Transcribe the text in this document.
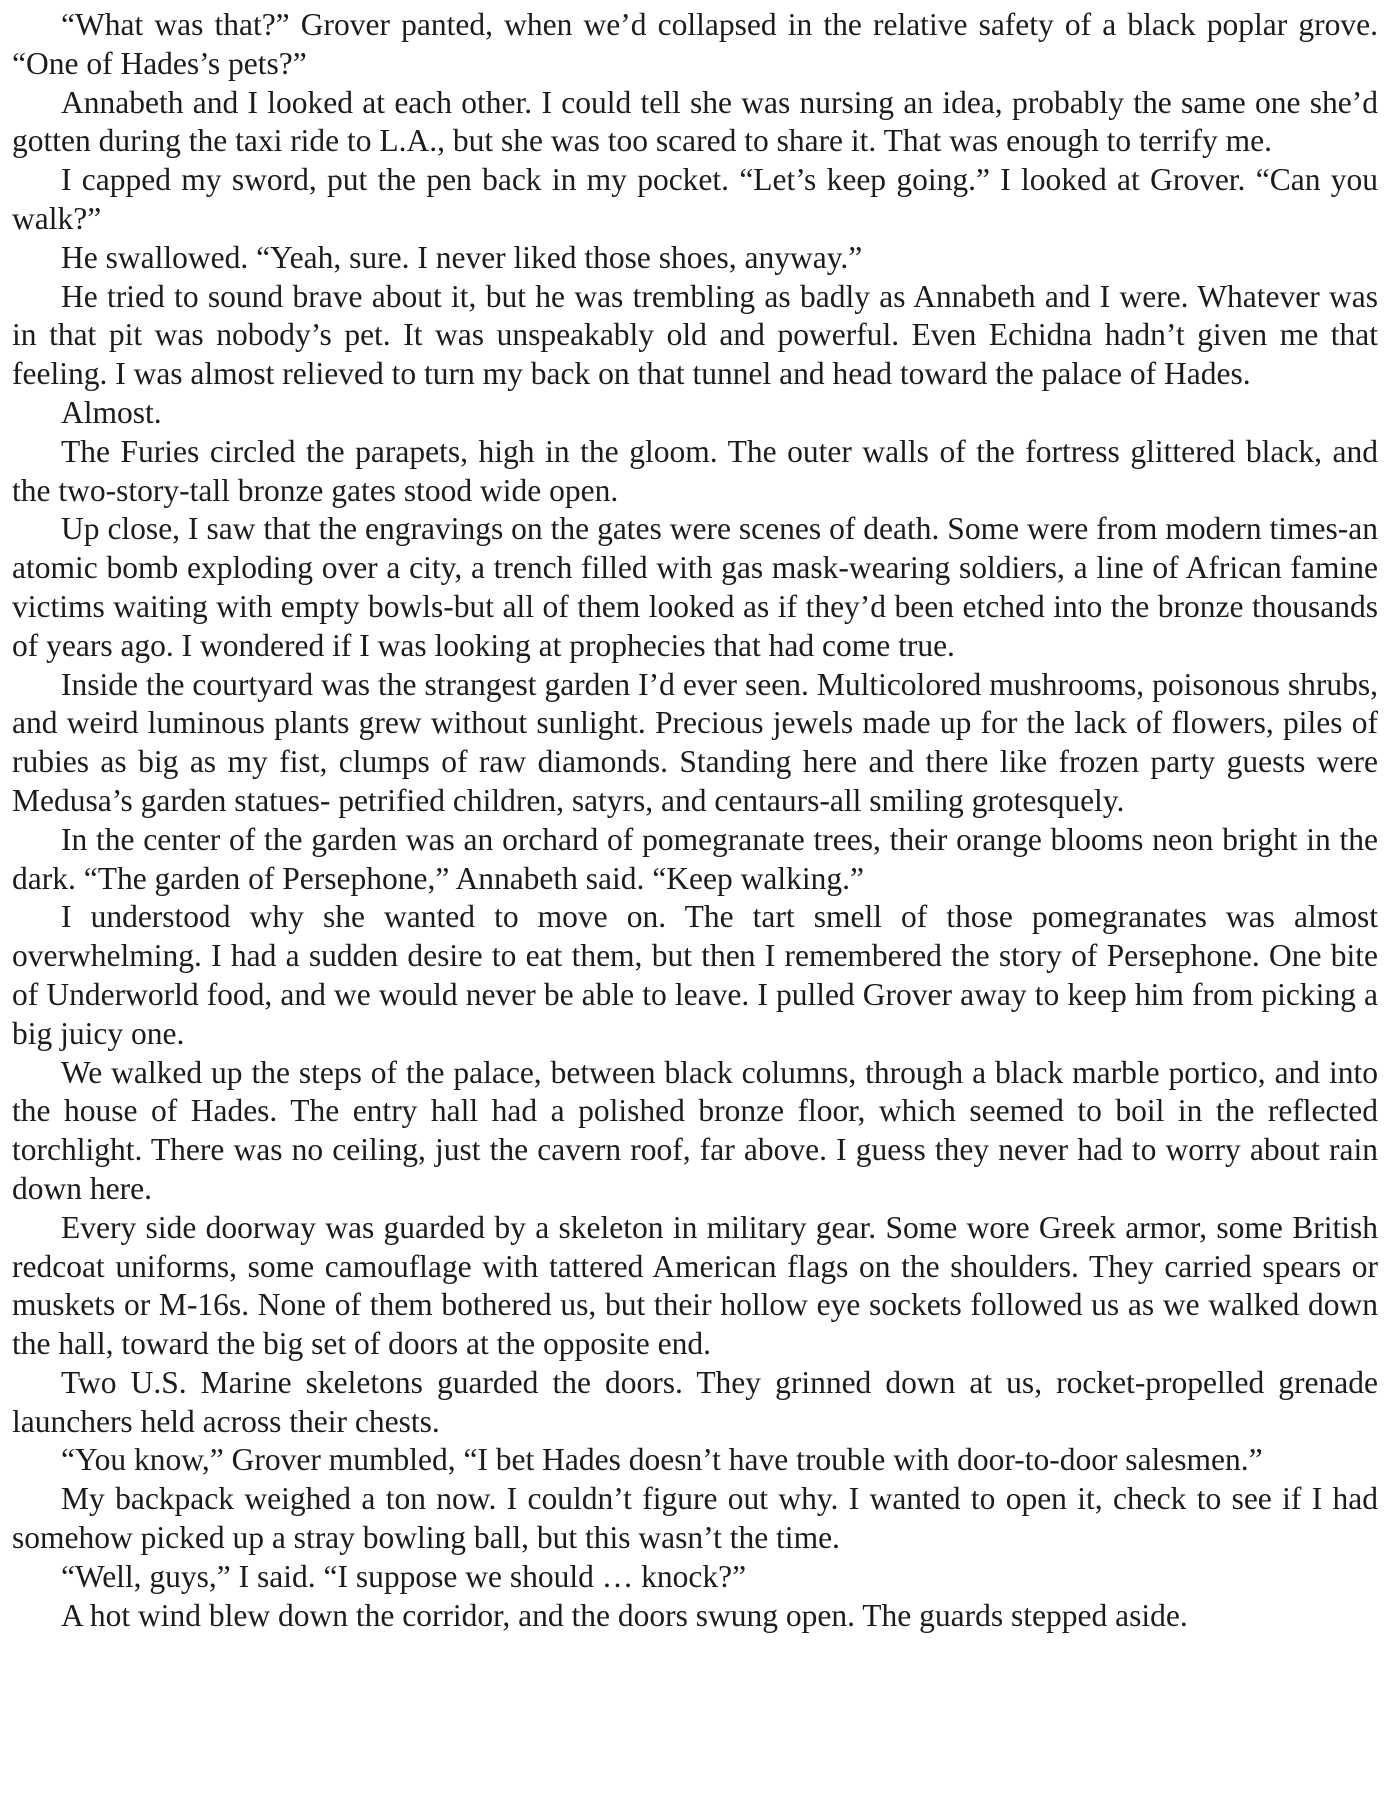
“What was that?” Grover panted, when we’d collapsed in the relative safety of a black poplar grove. “One of Hades’s pets?”

Annabeth and I looked at each other. I could tell she was nursing an idea, probably the same one she’d gotten during the taxi ride to L.A., but she was too scared to share it. That was enough to terrify me.

I capped my sword, put the pen back in my pocket. “Let’s keep going.” I looked at Grover. “Can you walk?”

He swallowed. “Yeah, sure. I never liked those shoes, anyway.”

He tried to sound brave about it, but he was trembling as badly as Annabeth and I were. Whatever was in that pit was nobody’s pet. It was unspeakably old and powerful. Even Echidna hadn’t given me that feeling. I was almost relieved to turn my back on that tunnel and head toward the palace of Hades.

Almost.

The Furies circled the parapets, high in the gloom. The outer walls of the fortress glittered black, and the two-story-tall bronze gates stood wide open.

Up close, I saw that the engravings on the gates were scenes of death. Some were from modern times-an atomic bomb exploding over a city, a trench filled with gas mask-wearing soldiers, a line of African famine victims waiting with empty bowls-but all of them looked as if they’d been etched into the bronze thousands of years ago. I wondered if I was looking at prophecies that had come true.

Inside the courtyard was the strangest garden I’d ever seen. Multicolored mushrooms, poisonous shrubs, and weird luminous plants grew without sunlight. Precious jewels made up for the lack of flowers, piles of rubies as big as my fist, clumps of raw diamonds. Standing here and there like frozen party guests were Medusa’s garden statues- petrified children, satyrs, and centaurs-all smiling grotesquely.

In the center of the garden was an orchard of pomegranate trees, their orange blooms neon bright in the dark. “The garden of Persephone,” Annabeth said. “Keep walking.”

I understood why she wanted to move on. The tart smell of those pomegranates was almost overwhelming. I had a sudden desire to eat them, but then I remembered the story of Persephone. One bite of Underworld food, and we would never be able to leave. I pulled Grover away to keep him from picking a big juicy one.

We walked up the steps of the palace, between black columns, through a black marble portico, and into the house of Hades. The entry hall had a polished bronze floor, which seemed to boil in the reflected torchlight. There was no ceiling, just the cavern roof, far above. I guess they never had to worry about rain down here.

Every side doorway was guarded by a skeleton in military gear. Some wore Greek armor, some British redcoat uniforms, some camouflage with tattered American flags on the shoulders. They carried spears or muskets or M-16s. None of them bothered us, but their hollow eye sockets followed us as we walked down the hall, toward the big set of doors at the opposite end.

Two U.S. Marine skeletons guarded the doors. They grinned down at us, rocket-propelled grenade launchers held across their chests.

“You know,” Grover mumbled, “I bet Hades doesn’t have trouble with door-to-door salesmen.”

My backpack weighed a ton now. I couldn’t figure out why. I wanted to open it, check to see if I had somehow picked up a stray bowling ball, but this wasn’t the time.

“Well, guys,” I said. “I suppose we should … knock?”

A hot wind blew down the corridor, and the doors swung open. The guards stepped aside.
